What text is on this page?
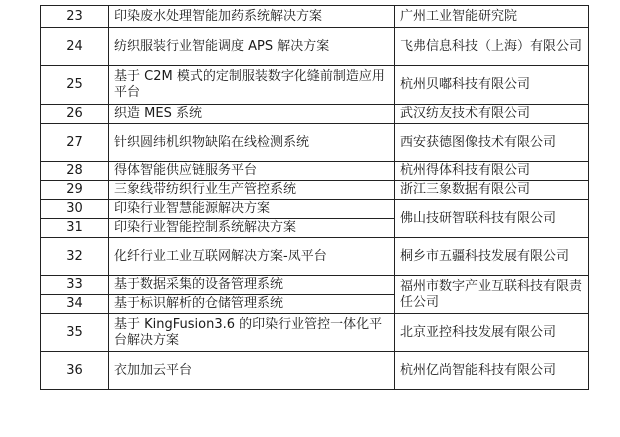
23	印染废水处理智能加药系统解决方案	广州工业智能研究院
24	纺织服装行业智能调度 APS 解决方案	飞弗信息科技（上海）有限公司
25	基于 C2M 模式的定制服装数字化缝前制造应用平台	杭州贝嘟科技有限公司
26	织造 MES 系统	武汉纺友技术有限公司
27	针织圆纬机织物缺陷在线检测系统	西安获德图像技术有限公司
28	得体智能供应链服务平台	杭州得体科技有限公司
29	三象线带纺织行业生产管控系统	浙江三象数据有限公司
30	印染行业智慧能源解决方案	佛山技研智联科技有限公司
31	印染行业智能控制系统解决方案	
32	化纤行业工业互联网解决方案-凤平台	桐乡市五疆科技发展有限公司
33	基于数据采集的设备管理系统	福州市数字产业互联科技有限责任公司
34	基于标识解析的仓储管理系统	
35	基于 KingFusion3.6 的印染行业管控一体化平台解决方案	北京亚控科技发展有限公司
36	衣加加云平台	杭州亿尚智能科技有限公司
